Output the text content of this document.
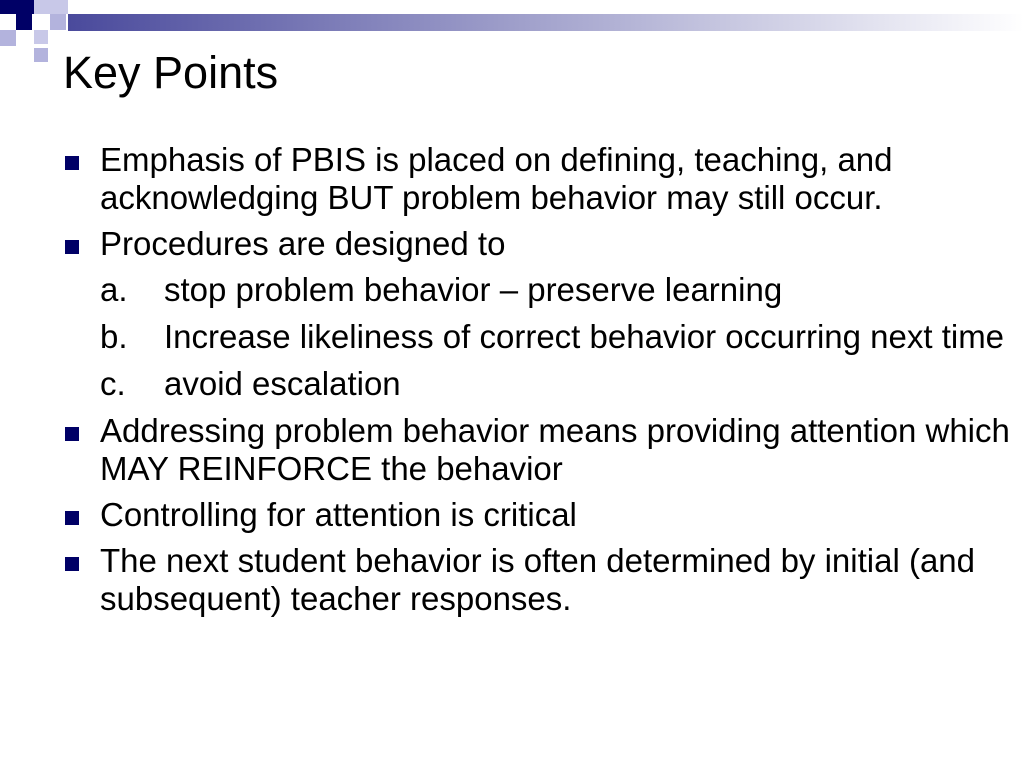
Key Points
Emphasis of PBIS is placed on defining, teaching, and acknowledging BUT problem behavior may still occur.
Procedures are designed to
a. stop problem behavior – preserve learning
b. Increase likeliness of correct behavior occurring next time
c. avoid escalation
Addressing problem behavior means providing attention which MAY REINFORCE the behavior
Controlling for attention is critical
The next student behavior is often determined by initial (and subsequent) teacher responses.
